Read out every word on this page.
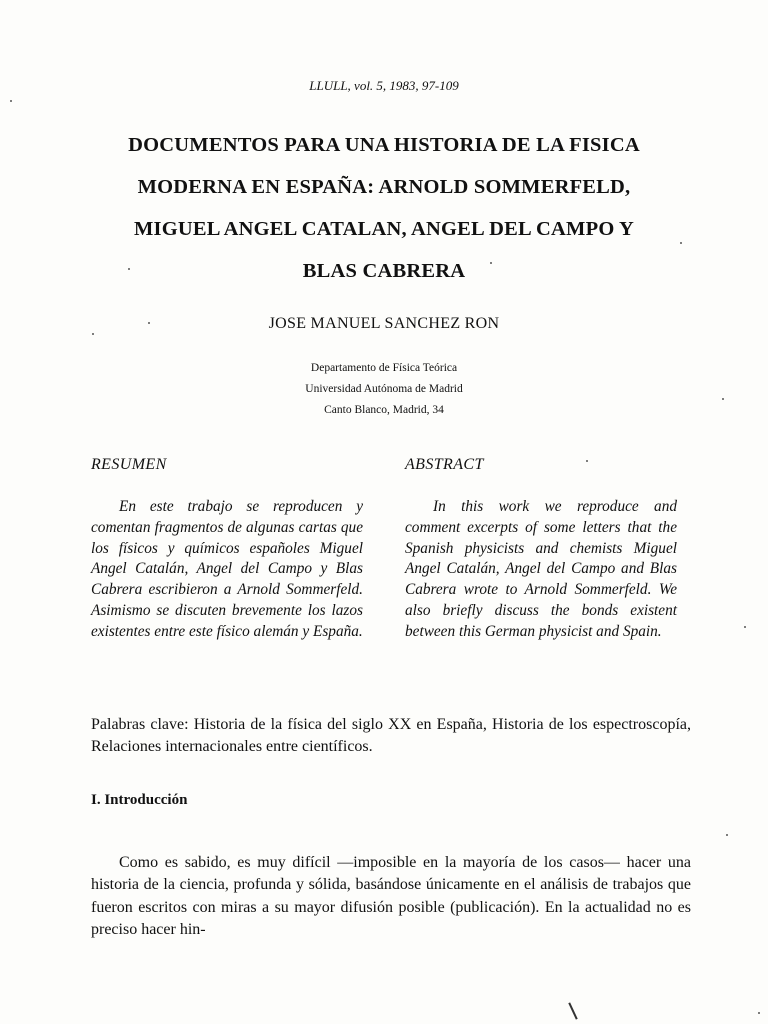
LLULL, vol. 5, 1983, 97-109
DOCUMENTOS PARA UNA HISTORIA DE LA FISICA
MODERNA EN ESPAÑA: ARNOLD SOMMERFELD,
MIGUEL ANGEL CATALAN, ANGEL DEL CAMPO Y
BLAS CABRERA
JOSE MANUEL SANCHEZ RON
Departamento de Física Teórica
Universidad Autónoma de Madrid
Canto Blanco, Madrid, 34
RESUMEN
En este trabajo se reproducen y comentan fragmentos de algunas cartas que los físicos y químicos españoles Miguel Angel Catalán, Angel del Campo y Blas Cabrera escribieron a Arnold Sommerfeld. Asimismo se discuten brevemente los lazos existentes entre este físico alemán y España.
ABSTRACT
In this work we reproduce and comment excerpts of some letters that the Spanish physicists and chemists Miguel Angel Catalán, Angel del Campo and Blas Cabrera wrote to Arnold Sommerfeld. We also briefly discuss the bonds existent between this German physicist and Spain.
Palabras clave: Historia de la física del siglo XX en España, Historia de los espectroscopía, Relaciones internacionales entre científicos.
I. Introducción
Como es sabido, es muy difícil —imposible en la mayoría de los casos— hacer una historia de la ciencia, profunda y sólida, basándose únicamente en el análisis de trabajos que fueron escritos con miras a su mayor difusión posible (publicación). En la actualidad no es preciso hacer hin-
